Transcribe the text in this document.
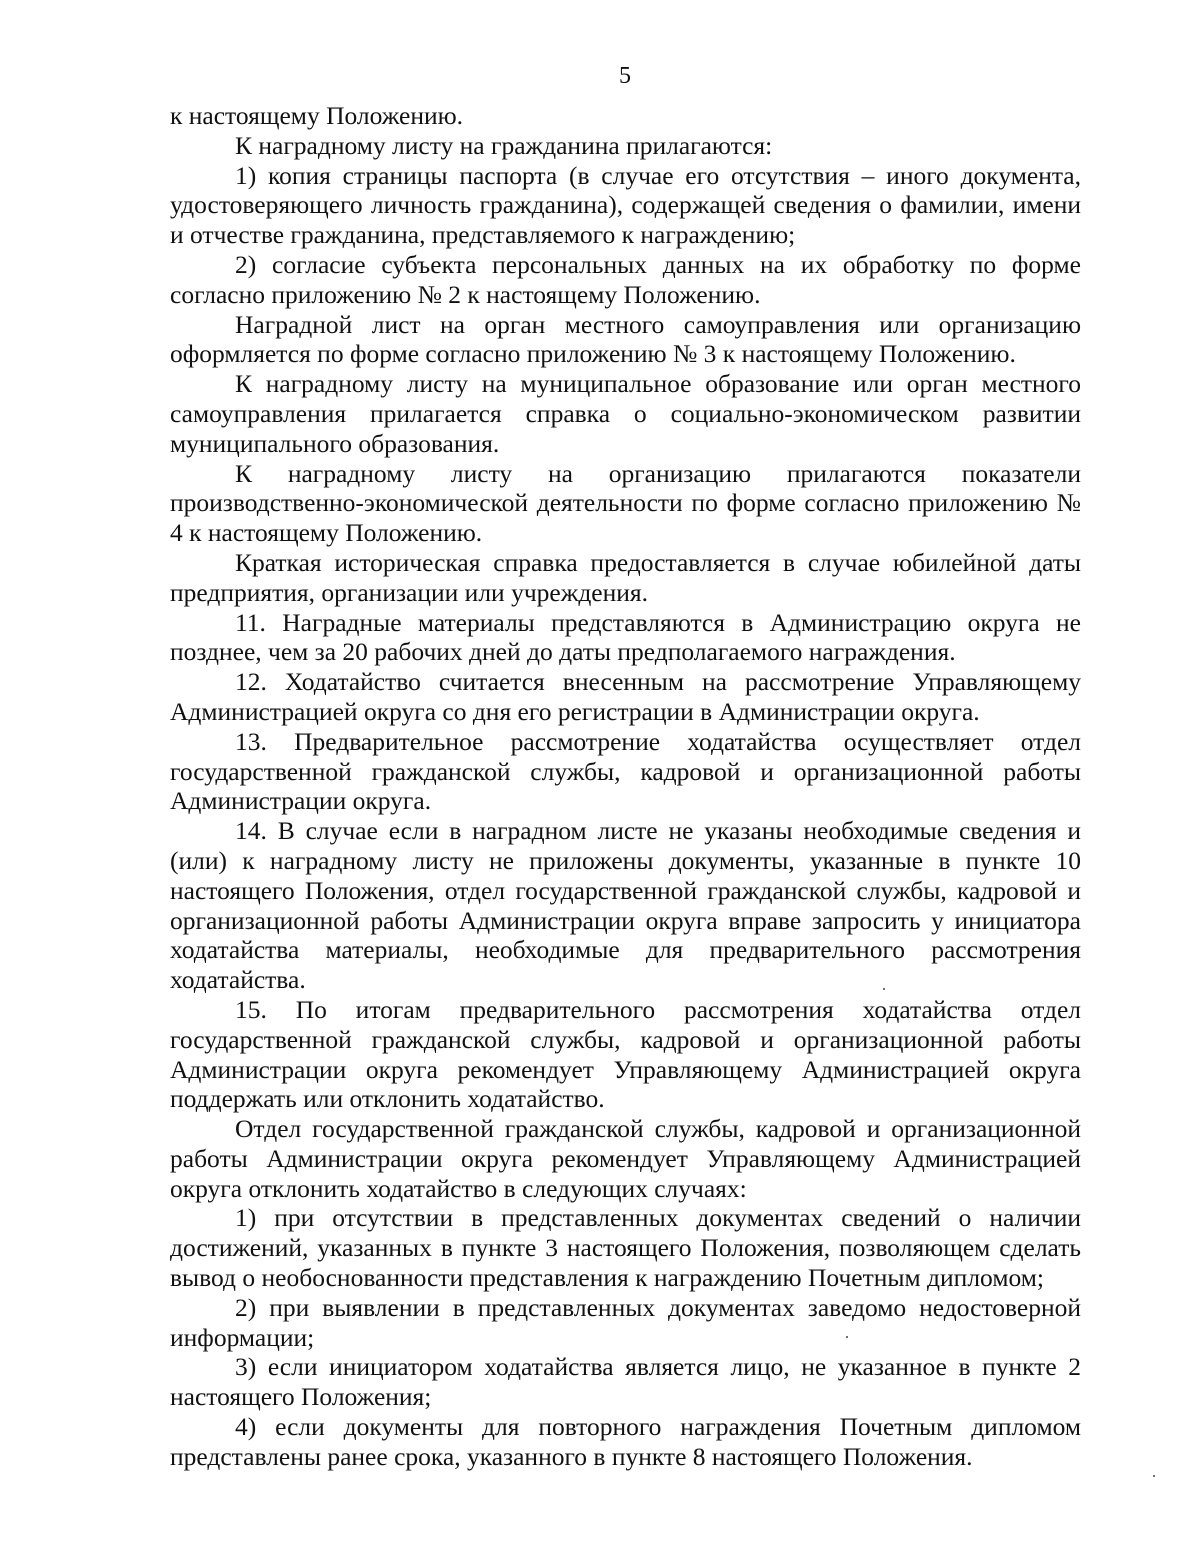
5

к настоящему Положению.

К наградному листу на гражданина прилагаются:

1) копия страницы паспорта (в случае его отсутствия – иного документа, удостоверяющего личность гражданина), содержащей сведения о фамилии, имени и отчестве гражданина, представляемого к награждению;

2) согласие субъекта персональных данных на их обработку по форме согласно приложению № 2 к настоящему Положению.

Наградной лист на орган местного самоуправления или организацию оформляется по форме согласно приложению № 3 к настоящему Положению.

К наградному листу на муниципальное образование или орган местного самоуправления прилагается справка о социально-экономическом развитии муниципального образования.

К наградному листу на организацию прилагаются показатели производственно-экономической деятельности по форме согласно приложению № 4 к настоящему Положению.

Краткая историческая справка предоставляется в случае юбилейной даты предприятия, организации или учреждения.

11. Наградные материалы представляются в Администрацию округа не позднее, чем за 20 рабочих дней до даты предполагаемого награждения.

12. Ходатайство считается внесенным на рассмотрение Управляющему Администрацией округа со дня его регистрации в Администрации округа.

13. Предварительное рассмотрение ходатайства осуществляет отдел государственной гражданской службы, кадровой и организационной работы Администрации округа.

14. В случае если в наградном листе не указаны необходимые сведения и (или) к наградному листу не приложены документы, указанные в пункте 10 настоящего Положения, отдел государственной гражданской службы, кадровой и организационной работы Администрации округа вправе запросить у инициатора ходатайства материалы, необходимые для предварительного рассмотрения ходатайства.

15. По итогам предварительного рассмотрения ходатайства отдел государственной гражданской службы, кадровой и организационной работы Администрации округа рекомендует Управляющему Администрацией округа поддержать или отклонить ходатайство.

Отдел государственной гражданской службы, кадровой и организационной работы Администрации округа рекомендует Управляющему Администрацией округа отклонить ходатайство в следующих случаях:

1) при отсутствии в представленных документах сведений о наличии достижений, указанных в пункте 3 настоящего Положения, позволяющем сделать вывод о необоснованности представления к награждению Почетным дипломом;

2) при выявлении в представленных документах заведомо недостоверной информации;

3) если инициатором ходатайства является лицо, не указанное в пункте 2 настоящего Положения;

4) если документы для повторного награждения Почетным дипломом представлены ранее срока, указанного в пункте 8 настоящего Положения.
